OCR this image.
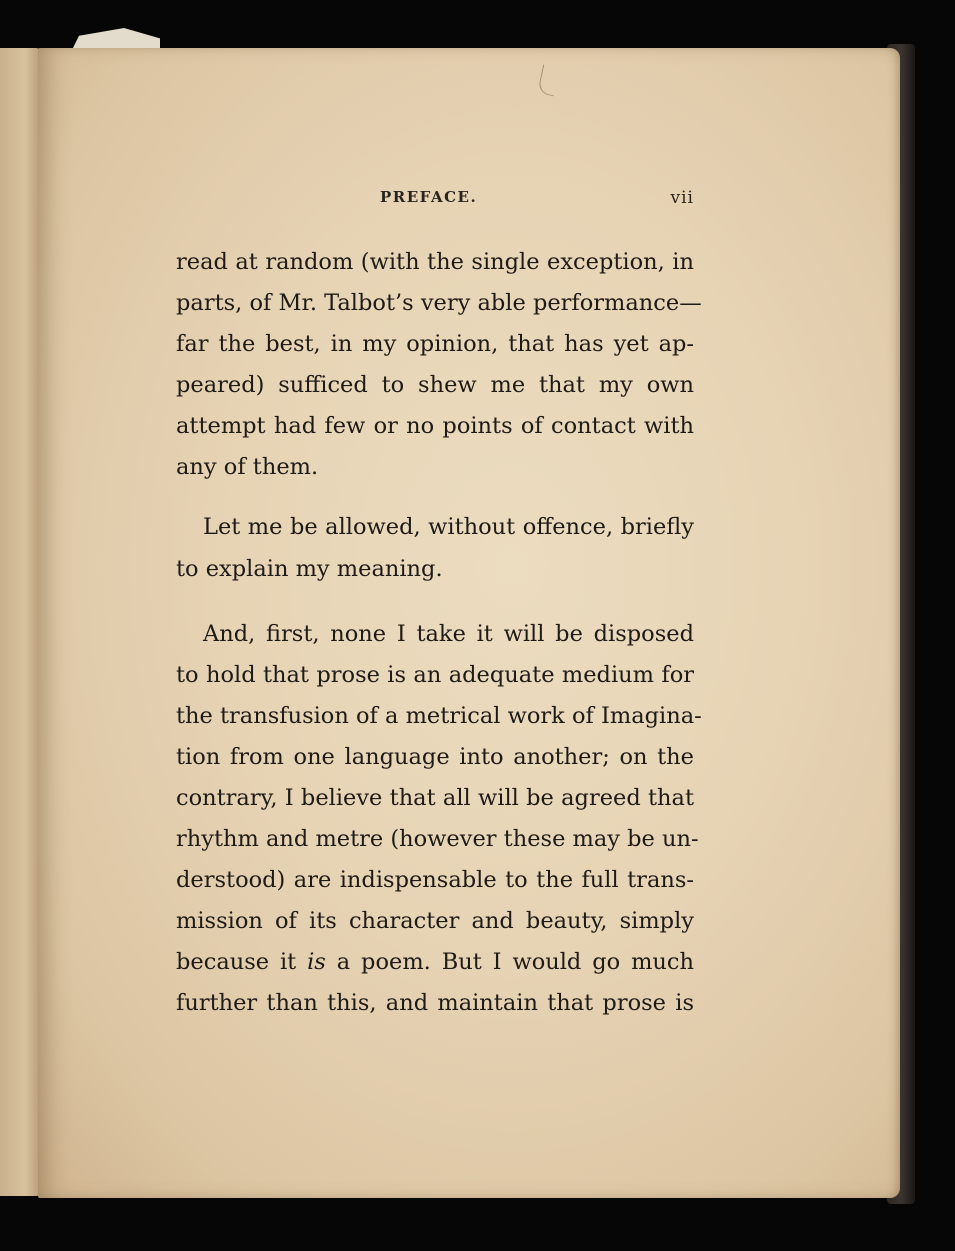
PREFACE.	vii
read at random (with the single exception, in
parts, of Mr. Talbot’s very able performance—
far the best, in my opinion, that has yet ap-
peared) sufficed to shew me that my own
attempt had few or no points of contact with
any of them.
Let me be allowed, without offence, briefly
to explain my meaning.
And, first, none I take it will be disposed
to hold that prose is an adequate medium for
the transfusion of a metrical work of Imagina-
tion from one language into another; on the
contrary, I believe that all will be agreed that
rhythm and metre (however these may be un-
derstood) are indispensable to the full trans-
mission of its character and beauty, simply
because it is a poem. But I would go much
further than this, and maintain that prose is
